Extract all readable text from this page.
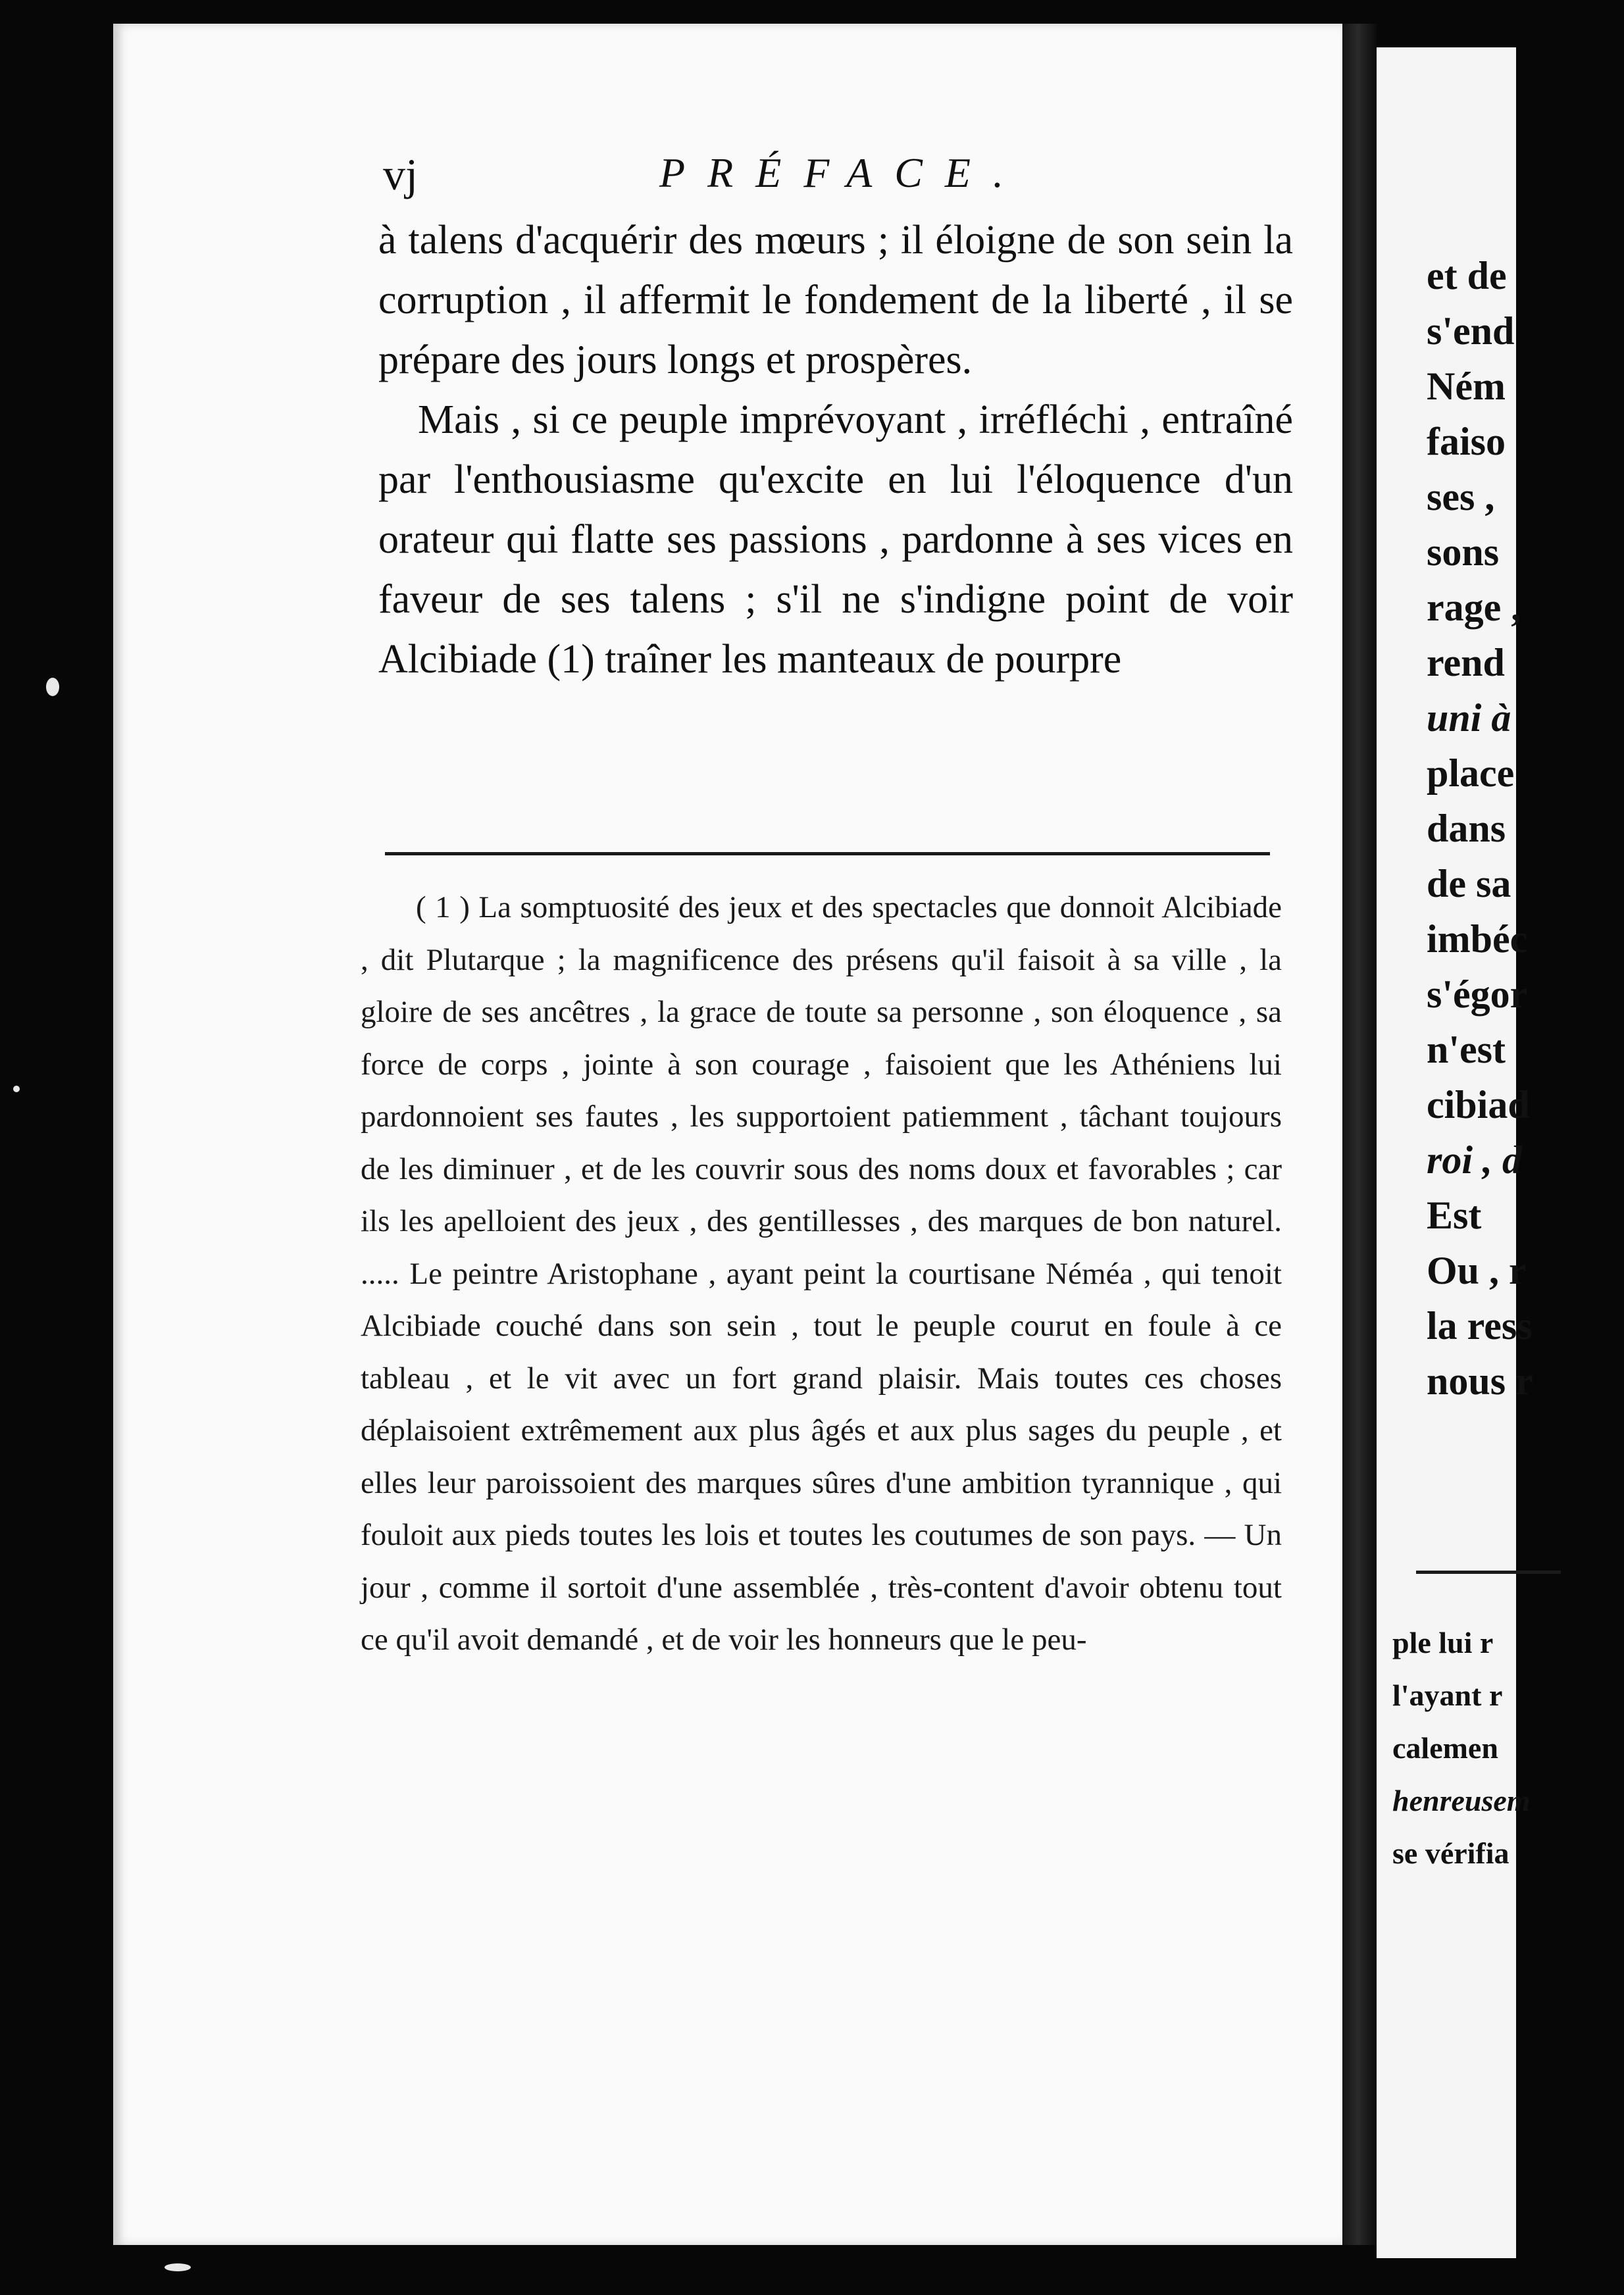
et de
s'end
Ném
faiso
ses ,
sons
rage ,
rend
uni à
place
dans
de sa
imbéc
s'égor
n'est
cibiad
roi , d
Est
Ou , r
la ress
nous r
ple lui r
l'ayant r
calemen
henreusem
se vérifia
vj	PRÉFACE.

à talens d'acquérir des mœurs ; il éloigne de son sein la corruption , il affermit le fondement de la liberté , il se prépare des jours longs et prospères.

Mais , si ce peuple imprévoyant , irréfléchi , entraîné par l'enthousiasme qu'excite en lui l'éloquence d'un orateur qui flatte ses passions , pardonne à ses vices en faveur de ses talens ; s'il ne s'indigne point de voir Alcibiade (1) traîner les manteaux de pourpre

( 1 ) La somptuosité des jeux et des spectacles que donnoit Alcibiade , dit Plutarque ; la magnificence des présens qu'il faisoit à sa ville , la gloire de ses ancêtres , la grace de toute sa personne , son éloquence , sa force de corps , jointe à son courage , faisoient que les Athéniens lui pardonnoient ses fautes , les supportoient patiemment , tâchant toujours de les diminuer , et de les couvrir sous des noms doux et favorables ; car ils les apelloient des jeux , des gentillesses , des marques de bon naturel. ..... Le peintre Aristophane , ayant peint la courtisane Néméa , qui tenoit Alcibiade couché dans son sein , tout le peuple courut en foule à ce tableau , et le vit avec un fort grand plaisir. Mais toutes ces choses déplaisoient extrêmement aux plus âgés et aux plus sages du peuple , et elles leur paroissoient des marques sûres d'une ambition tyrannique , qui fouloit aux pieds toutes les lois et toutes les coutumes de son pays. — Un jour , comme il sortoit d'une assemblée , très-content d'avoir obtenu tout ce qu'il avoit demandé , et de voir les honneurs que le peu-
